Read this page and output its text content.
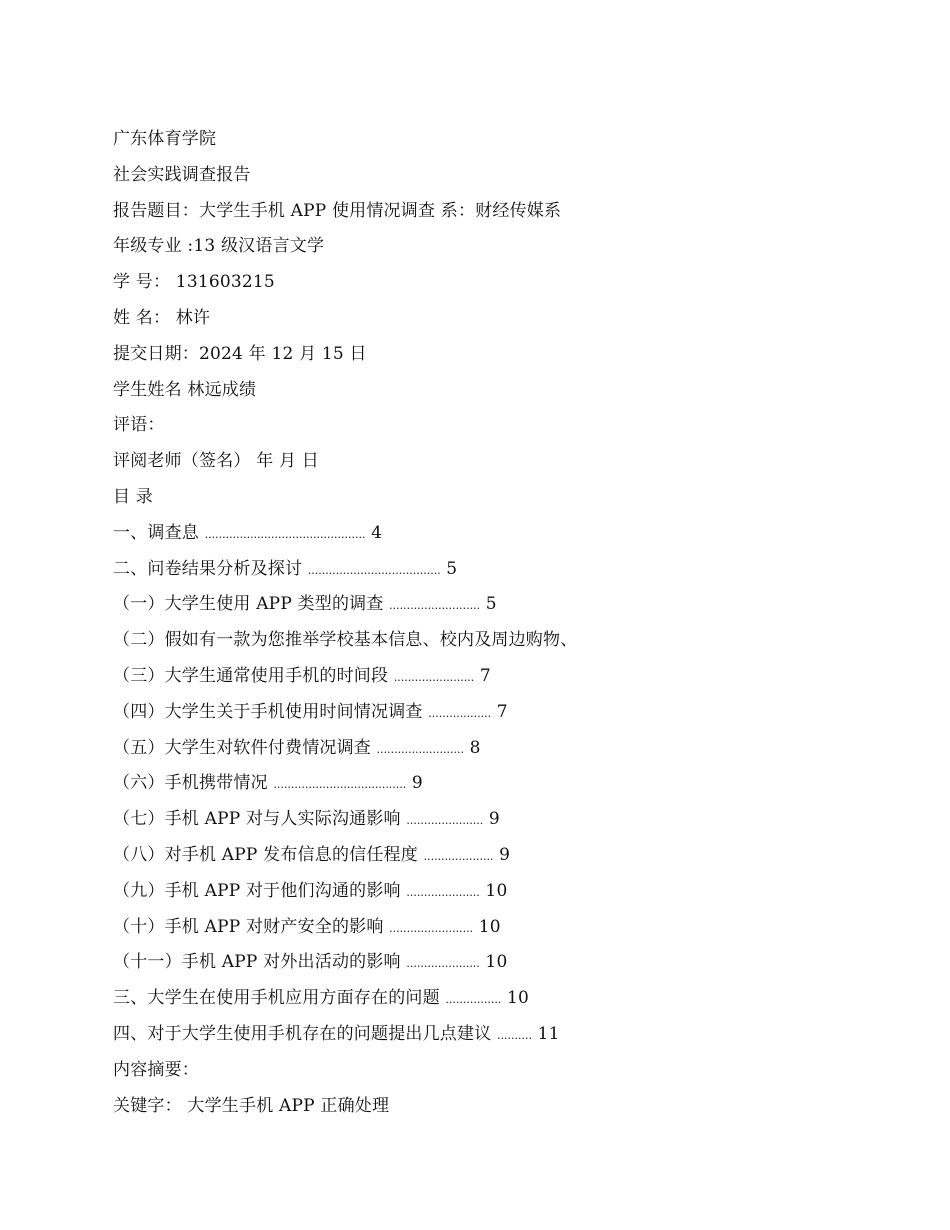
广东体育学院
社会实践调查报告
报告题目：大学生手机 APP 使用情况调查 系：财经传媒系
年级专业 :13 级汉语言文学
学 号： 131603215
姓 名： 林许
提交日期：2024 年 12 月 15 日
学生姓名 林远成绩
评语：
评阅老师（签名） 年 月 日
目 录
一、调查息 .............................................. 4
二、问卷结果分析及探讨 ...................................... 5
（一）大学生使用 APP 类型的调查 .......................... 5
（二）假如有一款为您推举学校基本信息、校内及周边购物、
（三）大学生通常使用手机的时间段 ....................... 7
（四）大学生关于手机使用时间情况调查 .................. 7
（五）大学生对软件付费情况调查 ......................... 8
（六）手机携带情况 ...................................... 9
（七）手机 APP 对与人实际沟通影响 ...................... 9
（八）对手机 APP 发布信息的信任程度 .................... 9
（九）手机 APP 对于他们沟通的影响 ..................... 10
（十）手机 APP 对财产安全的影响 ........................ 10
（十一）手机 APP 对外出活动的影响 ..................... 10
三、大学生在使用手机应用方面存在的问题 ................ 10
四、对于大学生使用手机存在的问题提出几点建议 .......... 11
内容摘要：
关键字： 大学生手机 APP 正确处理
